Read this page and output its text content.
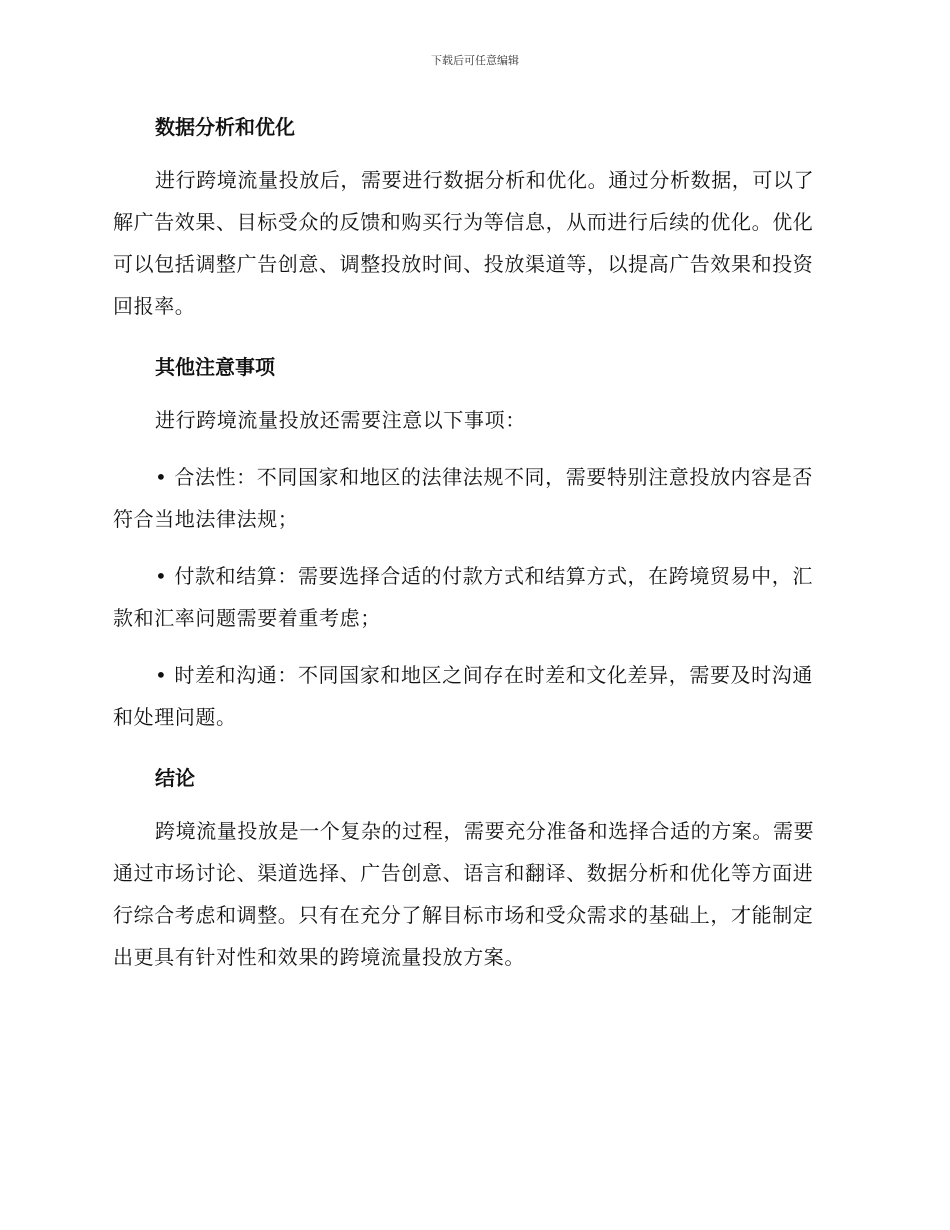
下载后可任意编辑
数据分析和优化

进行跨境流量投放后，需要进行数据分析和优化。通过分析数据，可以了解广告效果、目标受众的反馈和购买行为等信息，从而进行后续的优化。优化可以包括调整广告创意、调整投放时间、投放渠道等，以提高广告效果和投资回报率。

其他注意事项

进行跨境流量投放还需要注意以下事项：

• 合法性：不同国家和地区的法律法规不同，需要特别注意投放内容是否符合当地法律法规；

• 付款和结算：需要选择合适的付款方式和结算方式，在跨境贸易中，汇款和汇率问题需要着重考虑；

• 时差和沟通：不同国家和地区之间存在时差和文化差异，需要及时沟通和处理问题。

结论

跨境流量投放是一个复杂的过程，需要充分准备和选择合适的方案。需要通过市场讨论、渠道选择、广告创意、语言和翻译、数据分析和优化等方面进行综合考虑和调整。只有在充分了解目标市场和受众需求的基础上，才能制定出更具有针对性和效果的跨境流量投放方案。
